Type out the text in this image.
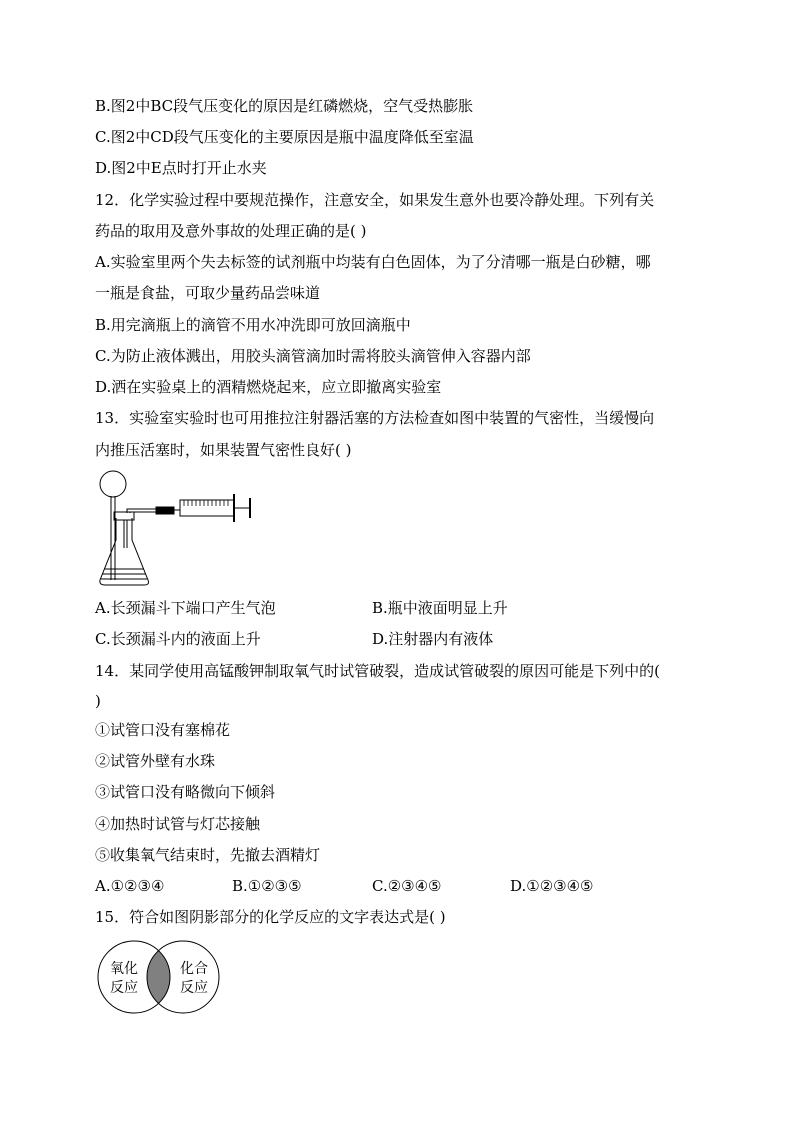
B.图2中BC段气压变化的原因是红磷燃烧，空气受热膨胀
C.图2中CD段气压变化的主要原因是瓶中温度降低至室温
D.图2中E点时打开止水夹
12．化学实验过程中要规范操作，注意安全，如果发生意外也要冷静处理。下列有关
药品的取用及意外事故的处理正确的是( )
A.实验室里两个失去标签的试剂瓶中均装有白色固体，为了分清哪一瓶是白砂糖，哪
一瓶是食盐，可取少量药品尝味道
B.用完滴瓶上的滴管不用水冲洗即可放回滴瓶中
C.为防止液体溅出，用胶头滴管滴加时需将胶头滴管伸入容器内部
D.洒在实验桌上的酒精燃烧起来，应立即撤离实验室
13．实验室实验时也可用推拉注射器活塞的方法检查如图中装置的气密性，当缓慢向
内推压活塞时，如果装置气密性良好( )
A.长颈漏斗下端口产生气泡	B.瓶中液面明显上升
C.长颈漏斗内的液面上升	D.注射器内有液体
14．某同学使用高锰酸钾制取氧气时试管破裂，造成试管破裂的原因可能是下列中的(
)
①试管口没有塞棉花
②试管外壁有水珠
③试管口没有略微向下倾斜
④加热时试管与灯芯接触
⑤收集氧气结束时，先撤去酒精灯
A.①②③④	B.①②③⑤	C.②③④⑤	D.①②③④⑤
15．符合如图阴影部分的化学反应的文字表达式是( )
氧化
反应
化合
反应
